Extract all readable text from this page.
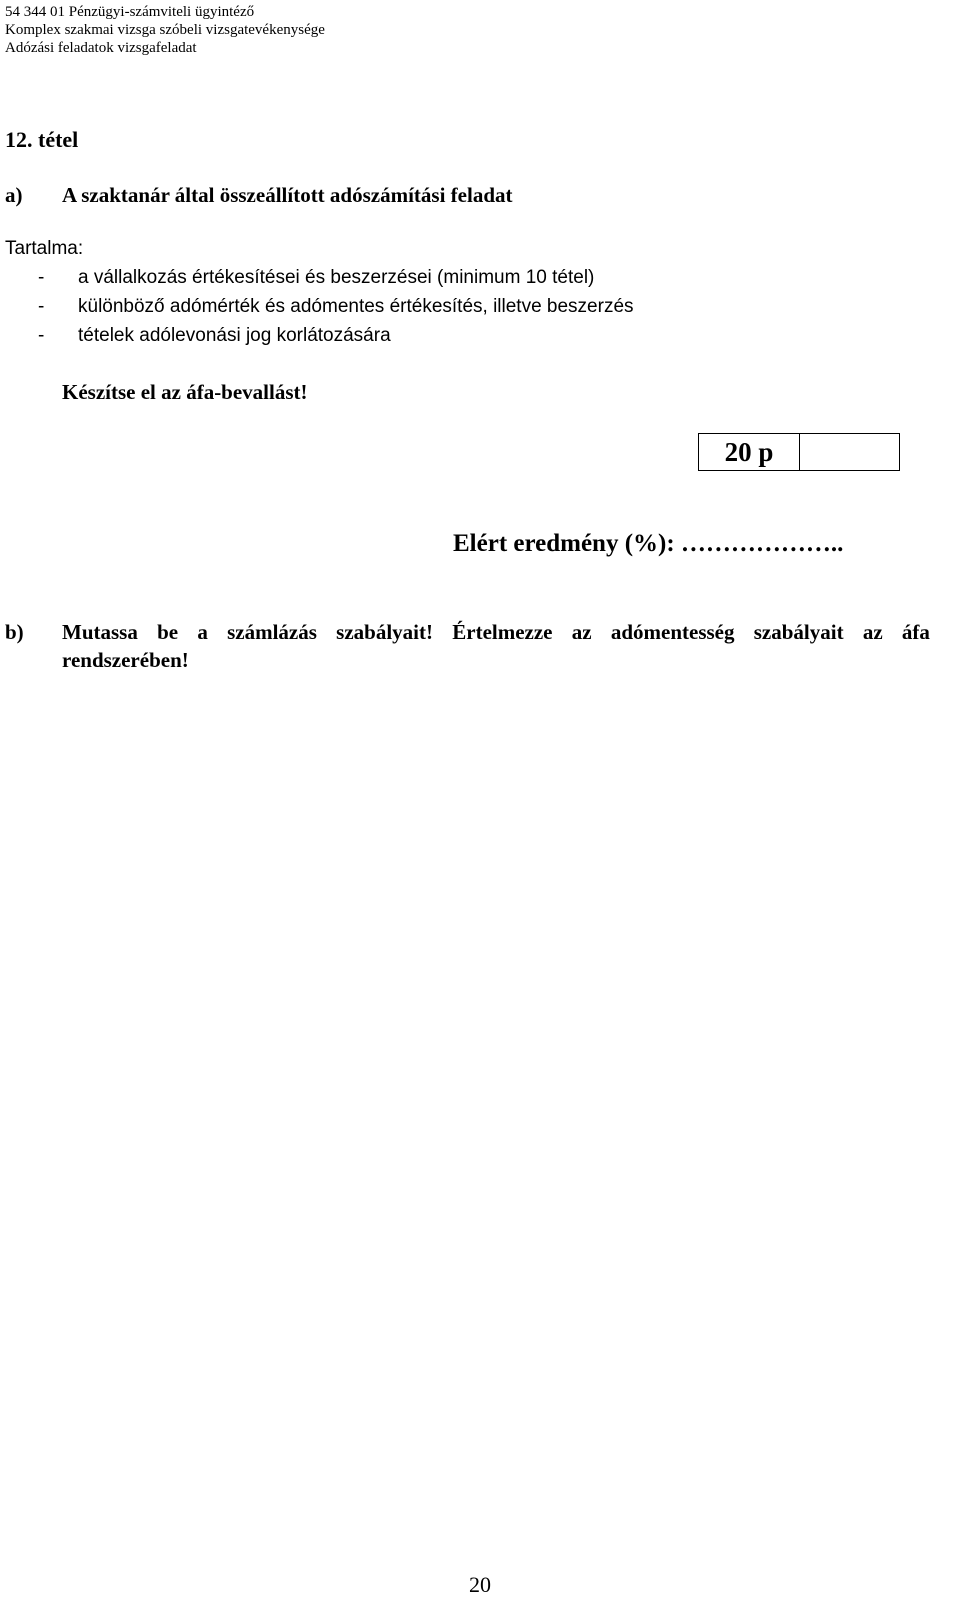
54 344 01 Pénzügyi-számviteli ügyintéző
Komplex szakmai vizsga szóbeli vizsgatevékenysége
Adózási feladatok vizsgafeladat
12. tétel
a) A szaktanár által összeállított adószámítási feladat
Tartalma:
- a vállalkozás értékesítései és beszerzései (minimum 10 tétel)
- különböző adómérték és adómentes értékesítés, illetve beszerzés
- tételek adólevonási jog korlátozására
Készítse el az áfa-bevallást!
20 p
Elért eredmény (%): ………………..
b) Mutassa be a számlázás szabályait! Értelmezze az adómentesség szabályait az áfa
rendszerében!
20
